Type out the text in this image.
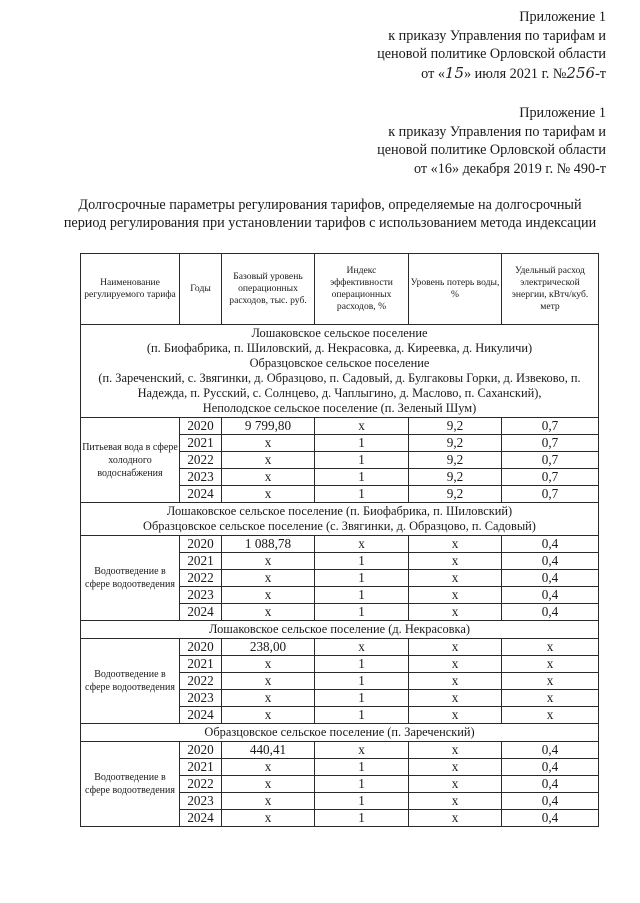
Приложение 1
к приказу Управления по тарифам и
ценовой политике Орловской области
от «15» июля 2021 г. №256-т
Приложение 1
к приказу Управления по тарифам и
ценовой политике Орловской области
от «16» декабря 2019 г. № 490-т
Долгосрочные параметры регулирования тарифов, определяемые на долгосрочный период регулирования при установлении тарифов с использованием метода индексации
Наименование регулируемого тарифа	Годы	Базовый уровень операционных расходов, тыс. руб.	Индекс эффективности операционных расходов, %	Уровень потерь воды, %	Удельный расход электрической энергии, кВтч/куб. метр

Лошаковское сельское поселение
(п. Биофабрика, п. Шиловский, д. Некрасовка, д. Киреевка, д. Никуличи)
Образцовское сельское поселение
(п. Зареченский, с. Звягинки, д. Образцово, п. Садовый, д. Булгаковы Горки, д. Извеково, п. Надежда, п. Русский, с. Солнцево, д. Чаплыгино, д. Маслово, п. Саханский),
Неполодское сельское поселение (п. Зеленый Шум)					

Питьевая вода в сфере холодного водоснабжения	2020	9 799,80	х	9,2	0,7
	2021	х	1	9,2	0,7
	2022	х	1	9,2	0,7
	2023	х	1	9,2	0,7
	2024	х	1	9,2	0,7

Лошаковское сельское поселение (п. Биофабрика, п. Шиловский)
Образцовское сельское поселение (с. Звягинки, д. Образцово, п. Садовый)					

Водоотведение в сфере водоотведения	2020	1 088,78	х	х	0,4
	2021	х	1	х	0,4
	2022	х	1	х	0,4
	2023	х	1	х	0,4
	2024	х	1	х	0,4

Лошаковское сельское поселение (д. Некрасовка)					

Водоотведение в сфере водоотведения	2020	238,00	х	х	х
	2021	х	1	х	х
	2022	х	1	х	х
	2023	х	1	х	х
	2024	х	1	х	х

Образцовское сельское поселение (п. Зареченский)					

Водоотведение в сфере водоотведения	2020	440,41	х	х	0,4
	2021	х	1	х	0,4
	2022	х	1	х	0,4
	2023	х	1	х	0,4
	2024	х	1	х	0,4
